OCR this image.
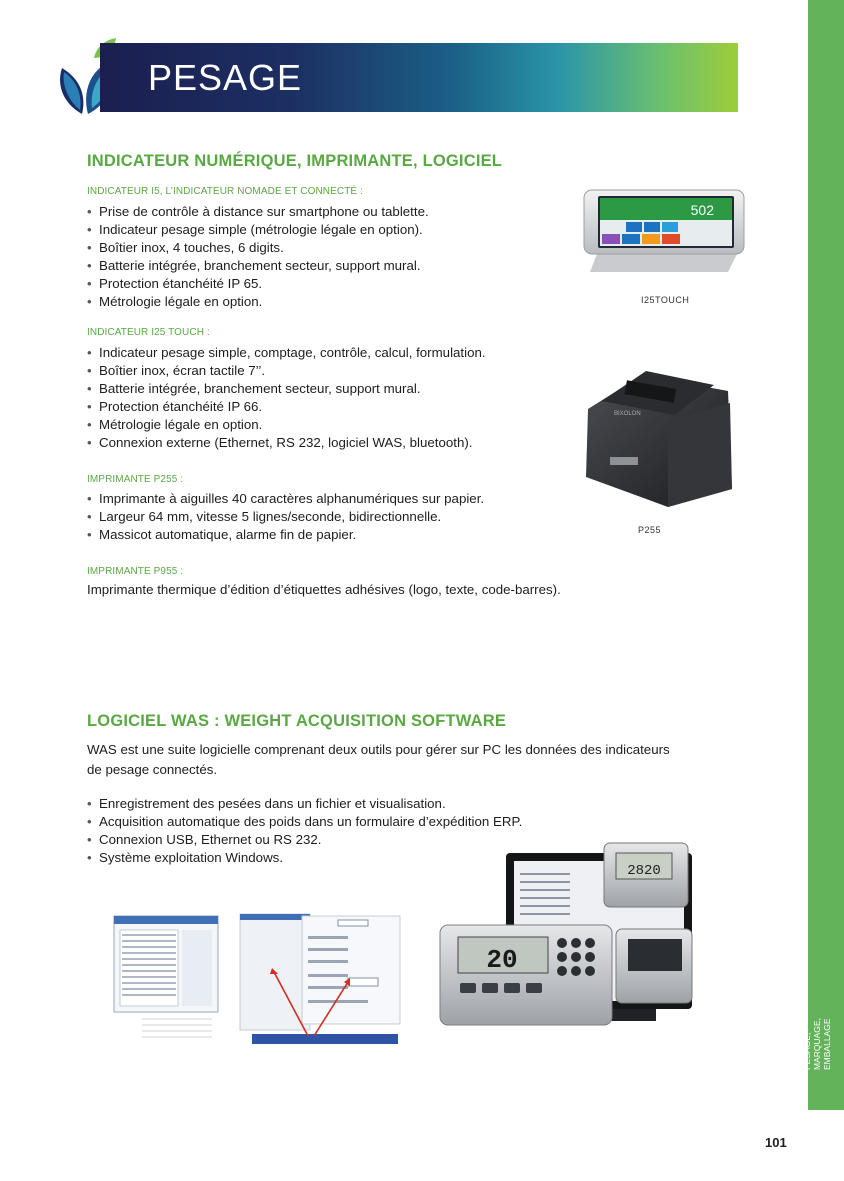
PESAGE
PESAGE, MARQUAGE, EMBALLAGE
INDICATEUR NUMÉRIQUE, IMPRIMANTE, LOGICIEL
INDICATEUR I5, L’INDICATEUR NOMADE ET CONNECTÉ :
• Prise de contrôle à distance sur smartphone ou tablette.
• Indicateur pesage simple (métrologie légale en option).
• Boîtier inox, 4 touches, 6 digits.
• Batterie intégrée, branchement secteur, support mural.
• Protection étanchéité IP 65.
• Métrologie légale en option.
INDICATEUR I25 TOUCH :
• Indicateur pesage simple, comptage, contrôle, calcul, formulation.
• Boîtier inox, écran tactile 7’’.
• Batterie intégrée, branchement secteur, support mural.
• Protection étanchéité IP 66.
• Métrologie légale en option.
• Connexion externe (Ethernet, RS 232, logiciel WAS, bluetooth).
IMPRIMANTE P255 :
• Imprimante à aiguilles 40 caractères alphanumériques sur papier.
• Largeur 64 mm, vitesse 5 lignes/seconde, bidirectionnelle.
• Massicot automatique, alarme fin de papier.
IMPRIMANTE P955 :
Imprimante thermique d’édition d’étiquettes adhésives (logo, texte, code-barres).
502
I25TOUCH
BIXOLON
P255
LOGICIEL WAS : WEIGHT ACQUISITION SOFTWARE
WAS est une suite logicielle comprenant deux outils pour gérer sur PC les données des indicateurs
de pesage connectés.
• Enregistrement des pesées dans un fichier et visualisation.
• Acquisition automatique des poids dans un formulaire d’expédition ERP.
• Connexion USB, Ethernet ou RS 232.
• Système exploitation Windows.
2820
20
101
